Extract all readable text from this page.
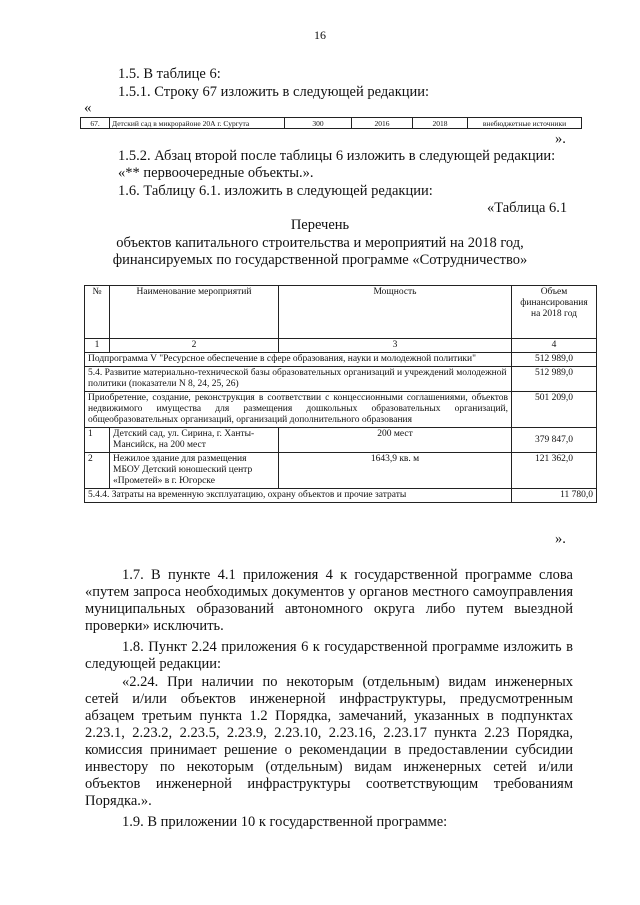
16
1.5. В таблице 6:
1.5.1. Строку 67 изложить в следующей редакции:
«
67.	Детский сад в микрорайоне 20А г. Сургута	300	2016	2018	внебюджетные источники
».
1.5.2. Абзац второй после таблицы 6 изложить в следующей редакции:
«** первоочередные объекты.».
1.6. Таблицу 6.1. изложить в следующей редакции:
«Таблица 6.1
Перечень
объектов капитального строительства и мероприятий на 2018 год,
финансируемых по государственной программе «Сотрудничество»
№	Наименование мероприятий	Мощность	Объем финансирования на 2018 год
1	2	3	4
Подпрограмма V "Ресурсное обеспечение в сфере образования, науки и молодежной политики"			512 989,0
5.4. Развитие материально-технической базы образовательных организаций и учреждений молодежной политики (показатели N 8, 24, 25, 26)			512 989,0
Приобретение, создание, реконструкция в соответствии с концессионными соглашениями, объектов недвижимого имущества для размещения дошкольных образовательных организаций, общеобразовательных организаций, организаций дополнительного образования			501 209,0
1	Детский сад, ул. Сирина, г. Ханты-Мансийск, на 200 мест	200 мест	379 847,0
2	Нежилое здание для размещения МБОУ Детский юношеский центр «Прометей» в г. Югорске	1643,9 кв. м	121 362,0
5.4.4. Затраты на временную эксплуатацию, охрану объектов и прочие затраты			11 780,0
».
1.7. В пункте 4.1 приложения 4 к государственной программе слова «путем запроса необходимых документов у органов местного самоуправления муниципальных образований автономного округа либо путем выездной проверки» исключить.
1.8. Пункт 2.24 приложения 6 к государственной программе изложить в следующей редакции:
«2.24. При наличии по некоторым (отдельным) видам инженерных сетей и/или объектов инженерной инфраструктуры, предусмотренным абзацем третьим пункта 1.2 Порядка, замечаний, указанных в подпунктах 2.23.1, 2.23.2, 2.23.5, 2.23.9, 2.23.10, 2.23.16, 2.23.17 пункта 2.23 Порядка, комиссия принимает решение о рекомендации в предоставлении субсидии инвестору по некоторым (отдельным) видам инженерных сетей и/или объектов инженерной инфраструктуры соответствующим требованиям Порядка.».
1.9. В приложении 10 к государственной программе:
